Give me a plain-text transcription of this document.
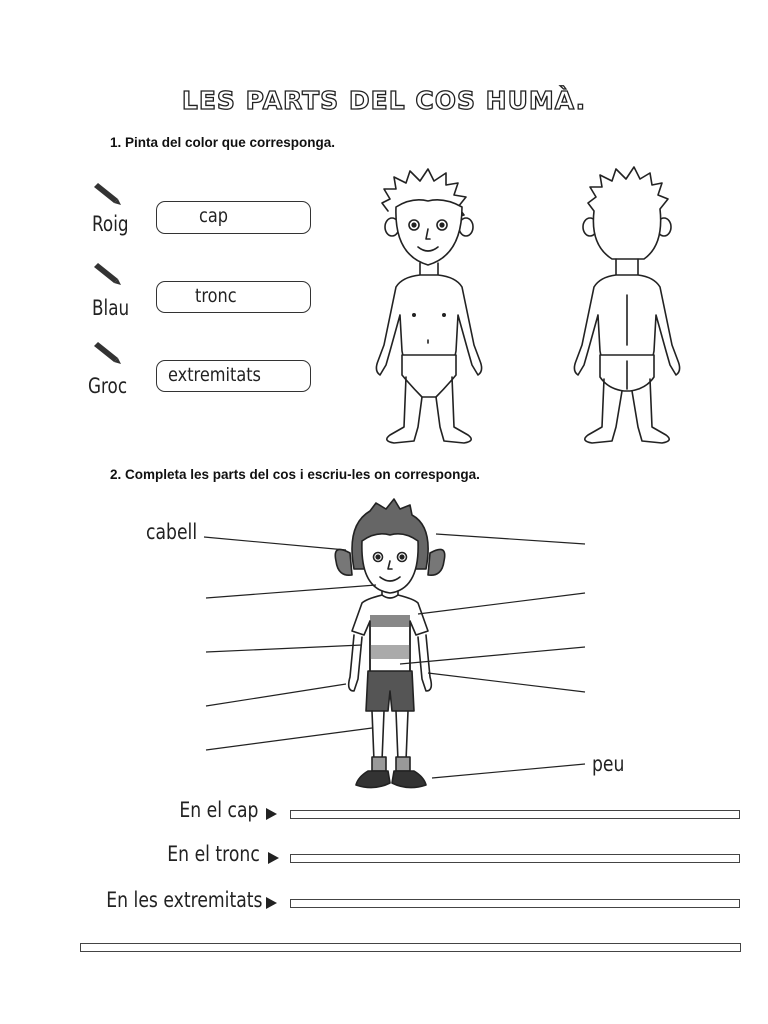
LES PARTS DEL COS HUMÀ.
1. Pinta del color que corresponga.
Roig	cap
Blau	tronc
Groc extremitats
2. Completa les parts del cos i escriu-les on corresponga.
cabell
peu
En el cap
En el tronc
En les extremitats
